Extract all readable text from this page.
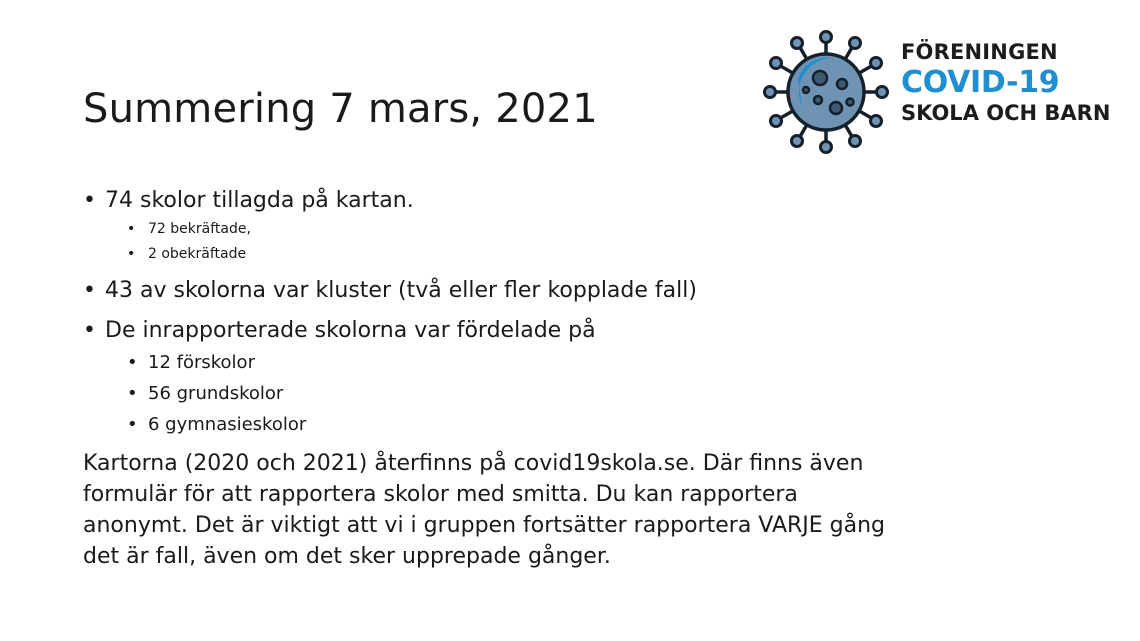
Summering 7 mars, 2021
FÖRENINGEN
COVID-19
SKOLA OCH BARN
• 74 skolor tillagda på kartan.
• 72 bekräftade,
• 2 obekräftade
• 43 av skolorna var kluster (två eller fler kopplade fall)
• De inrapporterade skolorna var fördelade på
• 12 förskolor
• 56 grundskolor
• 6 gymnasieskolor
Kartorna (2020 och 2021) återfinns på covid19skola.se. Där finns även
formulär för att rapportera skolor med smitta. Du kan rapportera
anonymt. Det är viktigt att vi i gruppen fortsätter rapportera VARJE gång
det är fall, även om det sker upprepade gånger.
